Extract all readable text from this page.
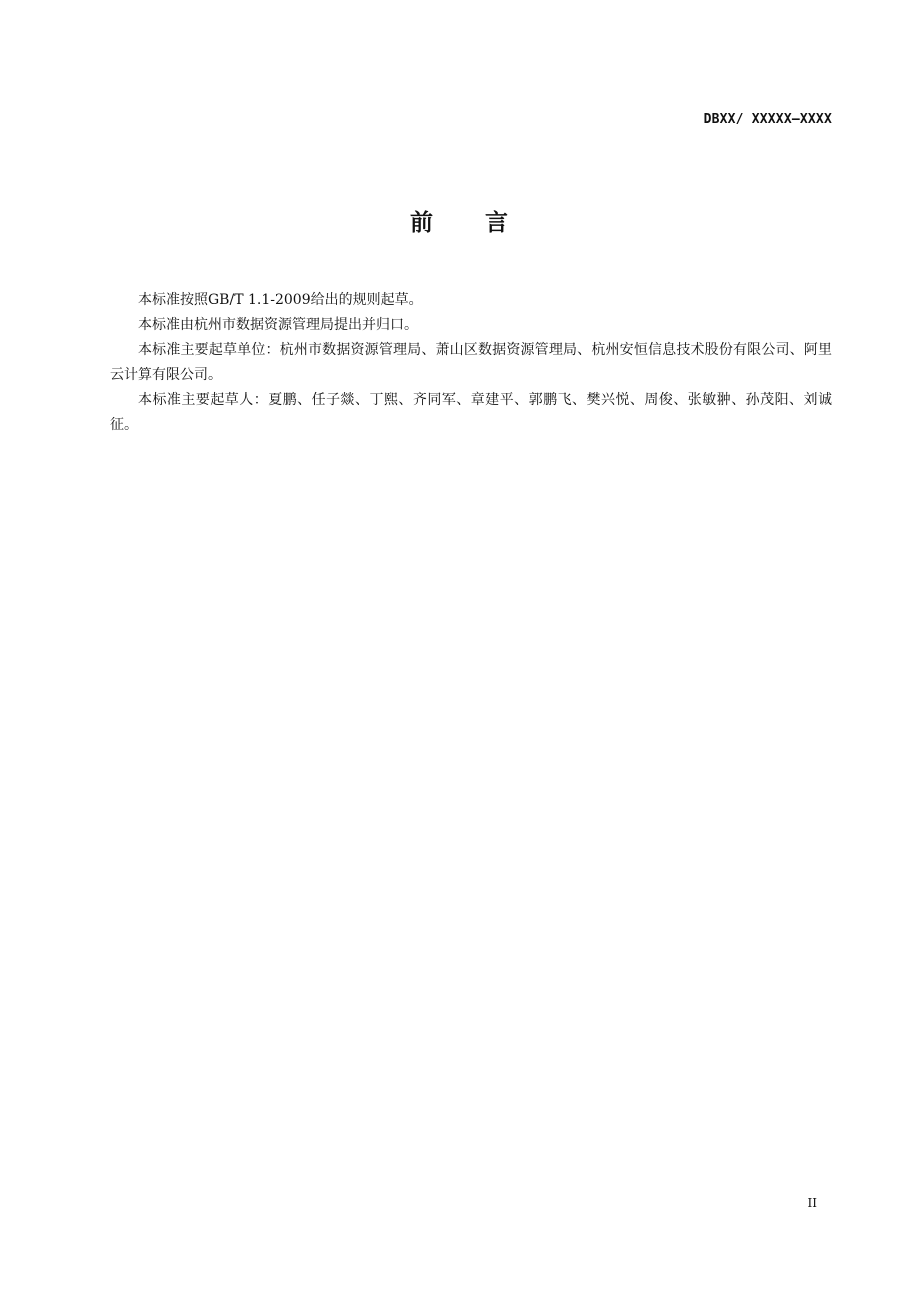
DBXX/ XXXXX—XXXX
前 言

本标准按照GB/T 1.1-2009给出的规则起草。

本标准由杭州市数据资源管理局提出并归口。

本标准主要起草单位：杭州市数据资源管理局、萧山区数据资源管理局、杭州安恒信息技术股份有限公司、阿里云计算有限公司。

本标准主要起草人：夏鹏、任子燚、丁熙、齐同军、章建平、郭鹏飞、樊兴悦、周俊、张敏翀、孙茂阳、刘诚征。

II
